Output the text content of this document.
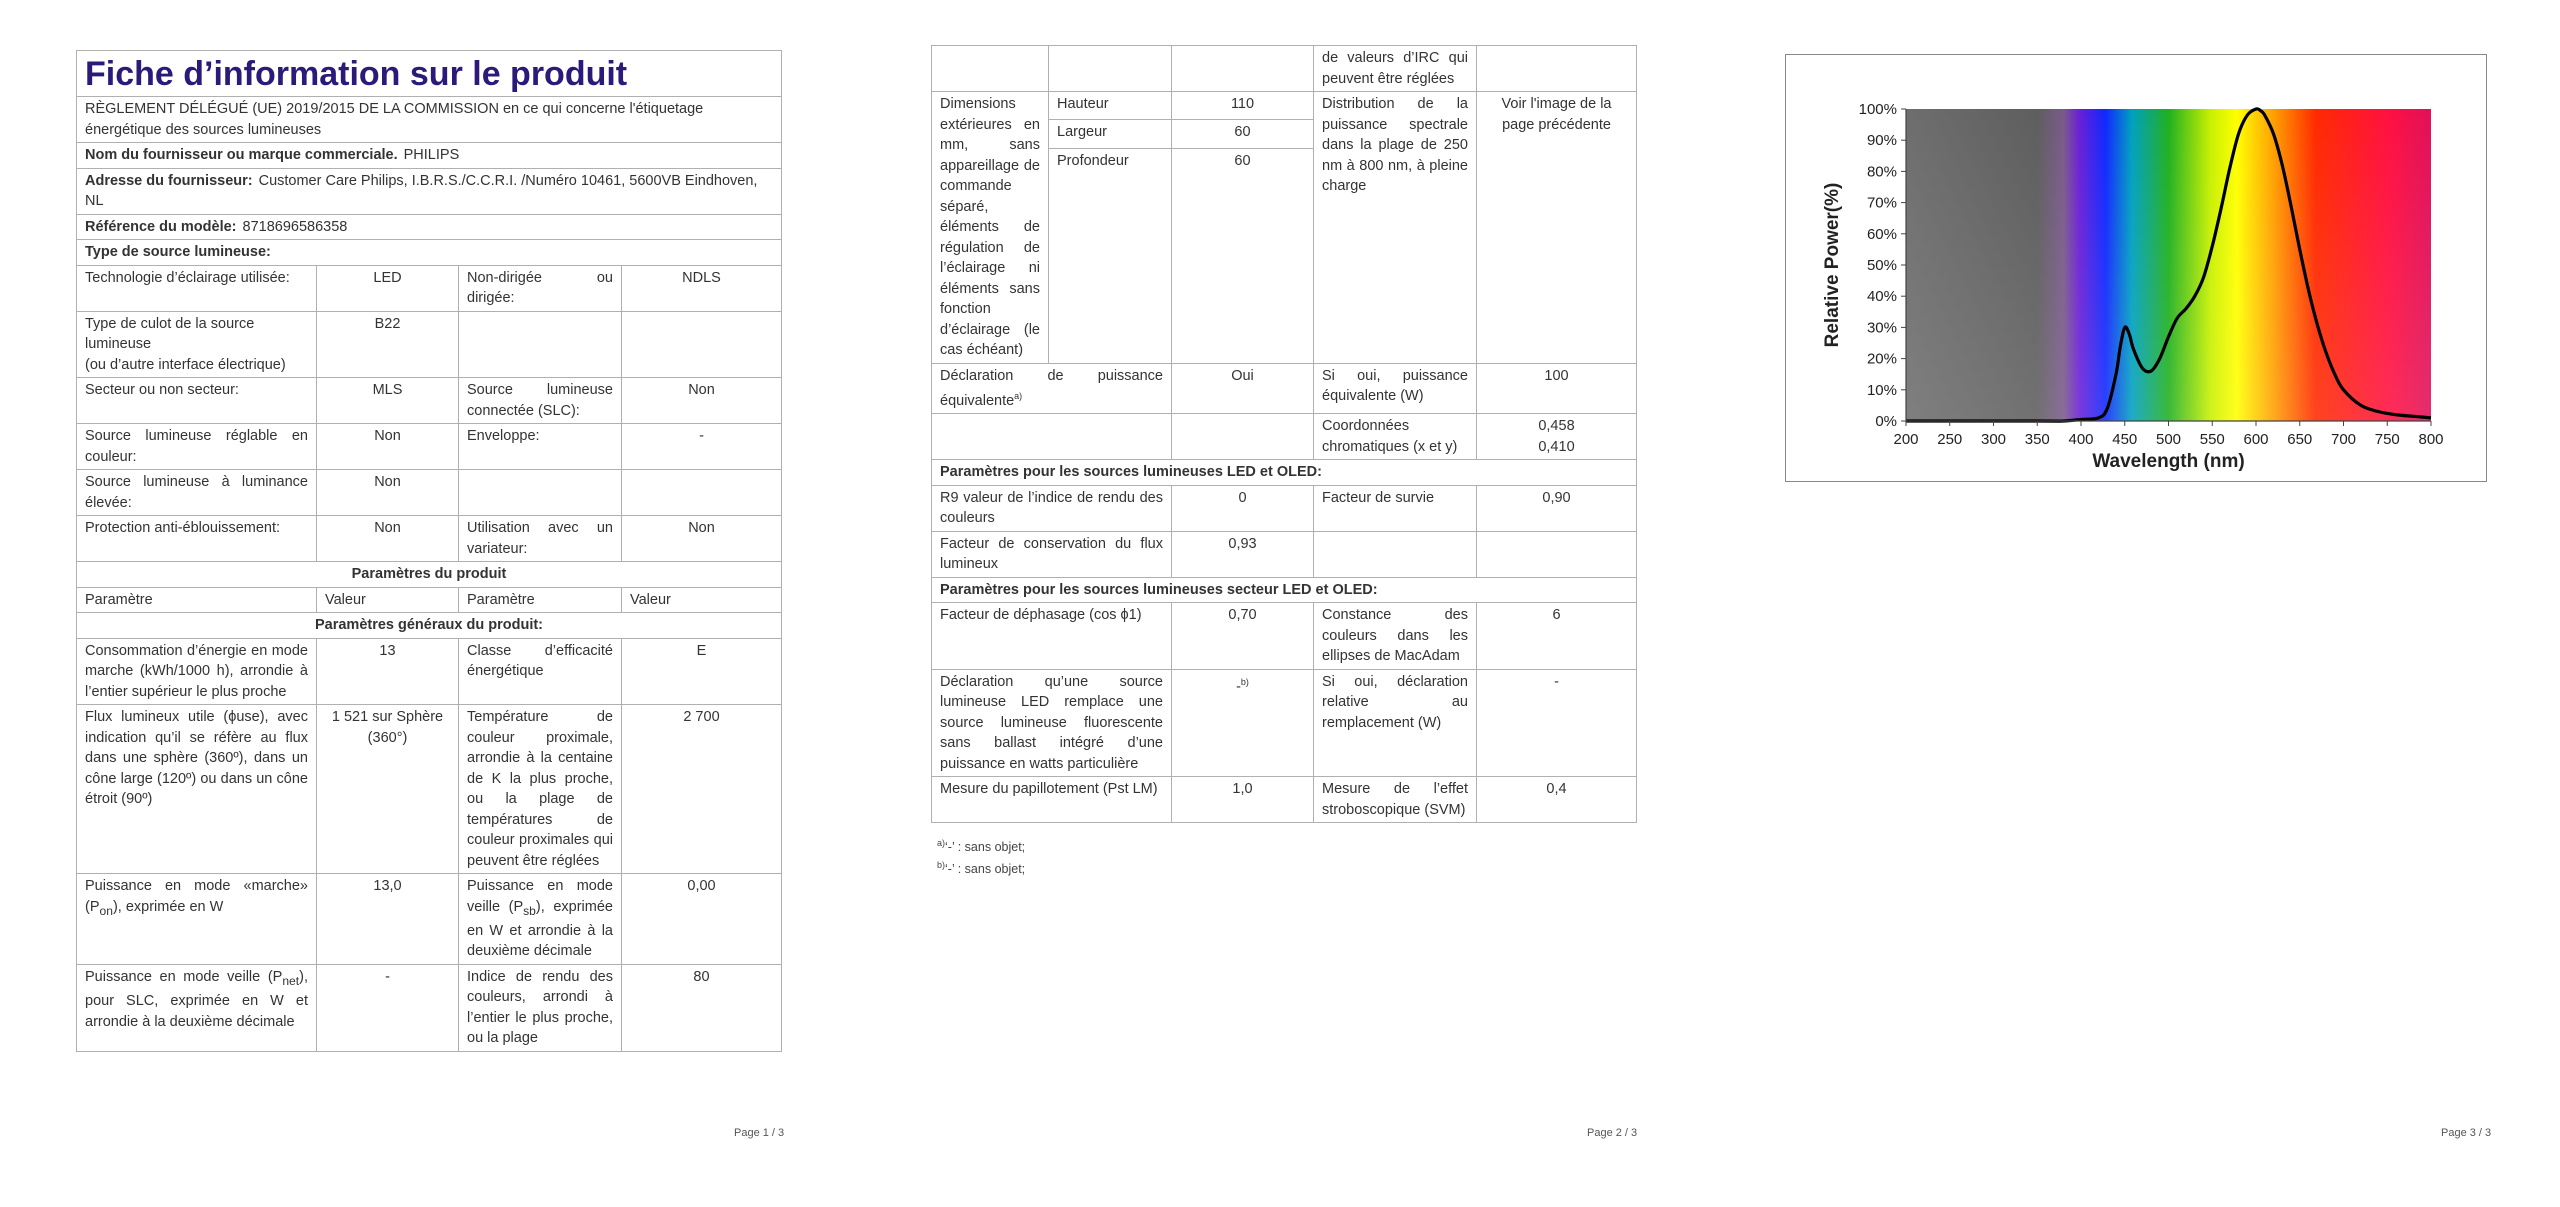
Fiche d’information sur le produit			
RÈGLEMENT DÉLÉGUÉ (UE) 2019/2015 DE LA COMMISSION en ce qui concerne l'étiquetage énergétique des sources lumineuses			
Nom du fournisseur ou marque commerciale. PHILIPS			
Adresse du fournisseur: Customer Care Philips, I.B.R.S./C.C.R.I. /Numéro 10461, 5600VB Eindhoven, NL			
Référence du modèle: 8718696586358			
Type de source lumineuse:			
Technologie d’éclairage utilisée:	LED	Non-dirigée ou dirigée:	NDLS
Type de culot de la source lumineuse
(ou d’autre interface électrique)	B22		
Secteur ou non secteur:	MLS	Source lumineuse connectée (SLC):	Non
Source lumineuse réglable en couleur:	Non	Enveloppe:	-
Source lumineuse à luminance élevée:	Non		
Protection anti-éblouissement:	Non	Utilisation avec un variateur:	Non
Paramètres du produit			
Paramètre	Valeur	Paramètre	Valeur
Paramètres généraux du produit:			
Consommation d’énergie en mode marche (kWh/1000 h), arrondie à l’entier supérieur le plus proche	13	Classe d’efficacité énergétique	E
Flux lumineux utile (ϕuse), avec indication qu’il se réfère au flux dans une sphère (360º), dans un cône large (120º) ou dans un cône étroit (90º)	1 521 sur Sphère (360°)	Température de couleur proximale, arrondie à la centaine de K la plus proche, ou la plage de températures de couleur proximales qui peuvent être réglées	2 700
Puissance en mode «marche» $(P_{on})$, exprimée en W	13,0	Puissance en mode veille $(P_{sb})$, exprimée en W et arrondie à la deuxième décimale	0,00
Puissance en mode veille $(P_{net})$, pour SLC, exprimée en W et arrondie à la deuxième décimale	-	Indice de rendu des couleurs, arrondi à l’entier le plus proche, ou la plage	80
Page 1 / 3
			de valeurs d’IRC qui peuvent être réglées	
Dimensions extérieures en mm, sans appareillage de commande séparé, éléments de régulation de l’éclairage ni éléments sans fonction d’éclairage (le cas échéant)	Hauteur	110	Distribution de la puissance spectrale dans la plage de 250 nm à 800 nm, à pleine charge	Voir l'image de la page précédente
	Largeur	60		
	Profondeur	60		
Déclaration de puissance équivalente$^{a)}$		Oui	Si oui, puissance équivalente (W)	100
			Coordonnées chromatiques (x et y)	0,458
0,410

Paramètres pour les sources lumineuses LED et OLED:				
R9 valeur de l’indice de rendu des couleurs		0	Facteur de survie	0,90
Facteur de conservation du flux lumineux		0,93		
Paramètres pour les sources lumineuses secteur LED et OLED:				
Facteur de déphasage (cos ϕ1)		0,70	Constance des couleurs dans les ellipses de MacAdam	6
Déclaration qu’une source lumineuse LED remplace une source lumineuse fluorescente sans ballast intégré d’une puissance en watts particulière		-$^{b)}$	Si oui, déclaration relative au remplacement (W)	-
Mesure du papillotement (Pst LM)		1,0	Mesure de l’effet stroboscopique (SVM)	0,4
$^{a)}$‘-’ : sans objet;
$^{b)}$‘-’ : sans objet;
Page 2 / 3
0%
10%
20%
30%
40%
50%
60%
70%
80%
90%
100%
200 250 300 350 400 450 500 550 600 650 700 750 800
Wavelength (nm)
Relative Power(%)
Page 3 / 3
